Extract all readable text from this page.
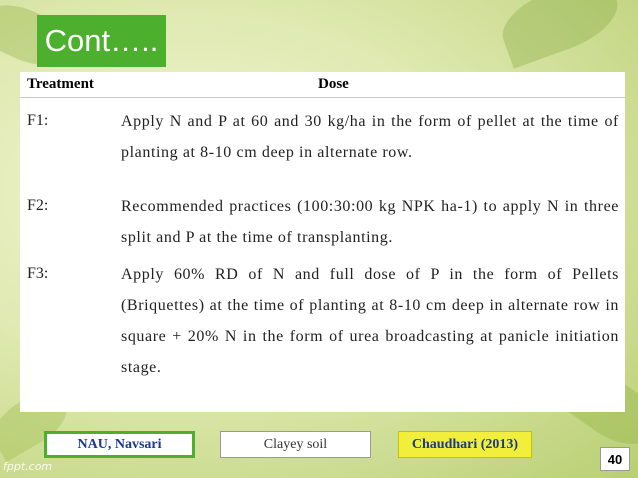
Cont…..
Treatment	Dose
F1:	Apply N and P at 60 and 30 kg/ha in the form of pellet at the time of planting at 8-10 cm deep in alternate row.
F2:	Recommended practices (100:30:00 kg NPK ha-1) to apply N in three split and P at the time of transplanting.
F3:	Apply 60% RD of N and full dose of P in the form of Pellets (Briquettes) at the time of planting at 8-10 cm deep in alternate row in square + 20% N in the form of urea broadcasting at panicle initiation stage.
NAU, Navsari	Clayey soil	Chaudhari (2013)
40
fppt.com
